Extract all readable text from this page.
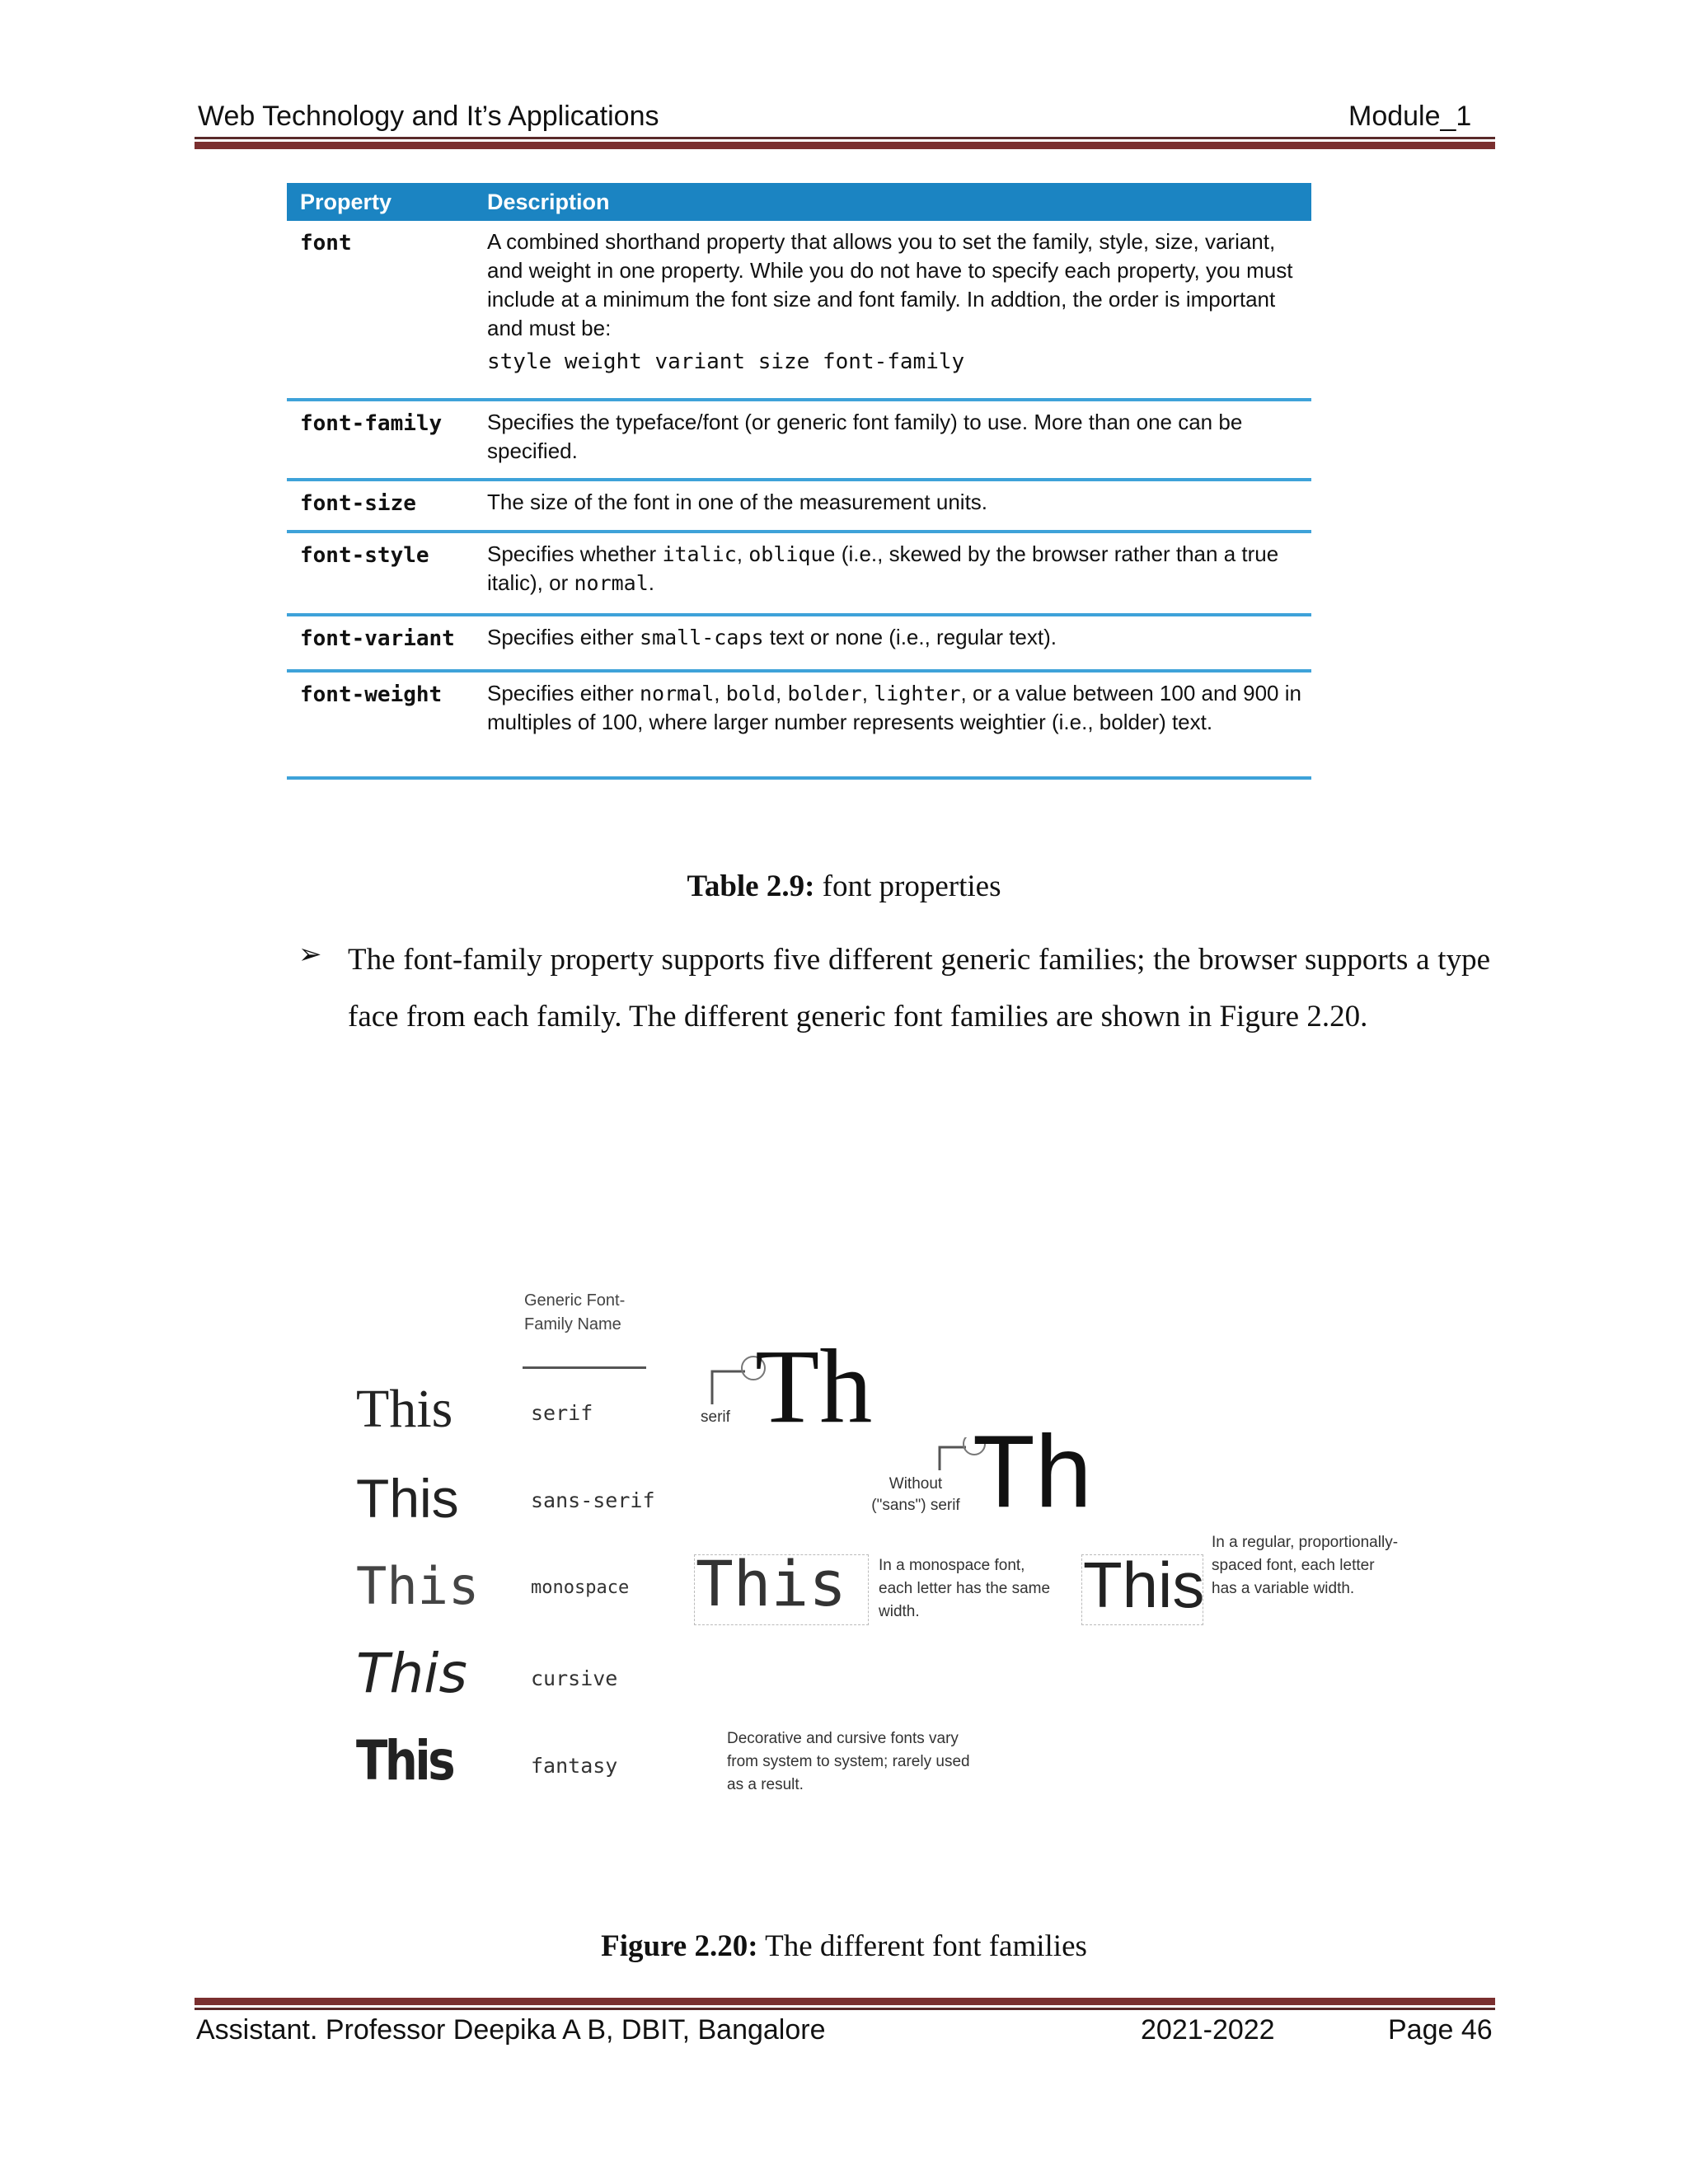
Web Technology and It’s Applications	Module_1
Property	Description
font	A combined shorthand property that allows you to set the family, style, size, variant, and weight in one property. While you do not have to specify each property, you must include at a minimum the font size and font family. In addtion, the order is important and must be:
style weight variant size font-family
font-family	Specifies the typeface/font (or generic font family) to use. More than one can be specified.
font-size	The size of the font in one of the measurement units.
font-style	Specifies whether italic, oblique (i.e., skewed by the browser rather than a true italic), or normal.
font-variant	Specifies either small-caps text or none (i.e., regular text).
font-weight	Specifies either normal, bold, bolder, lighter, or a value between 100 and 900 in multiples of 100, where larger number represents weightier (i.e., bolder) text.
Table 2.9: font properties
➢ The font-family property supports five different generic families; the browser supports a type face from each family. The different generic font families are shown in Figure 2.20.
Generic Font-Family Name
This	serif
This	sans-serif
This	monospace
This	cursive
This	fantasy
serif Th
Without ("sans") serif Th
This In a monospace font, each letter has the same width.	This
In a regular, proportionally-spaced font, each letter has a variable width.
Decorative and cursive fonts vary from system to system; rarely used as a result.
Figure 2.20: The different font families
Assistant. Professor Deepika A B, DBIT, Bangalore	2021-2022	Page 46
